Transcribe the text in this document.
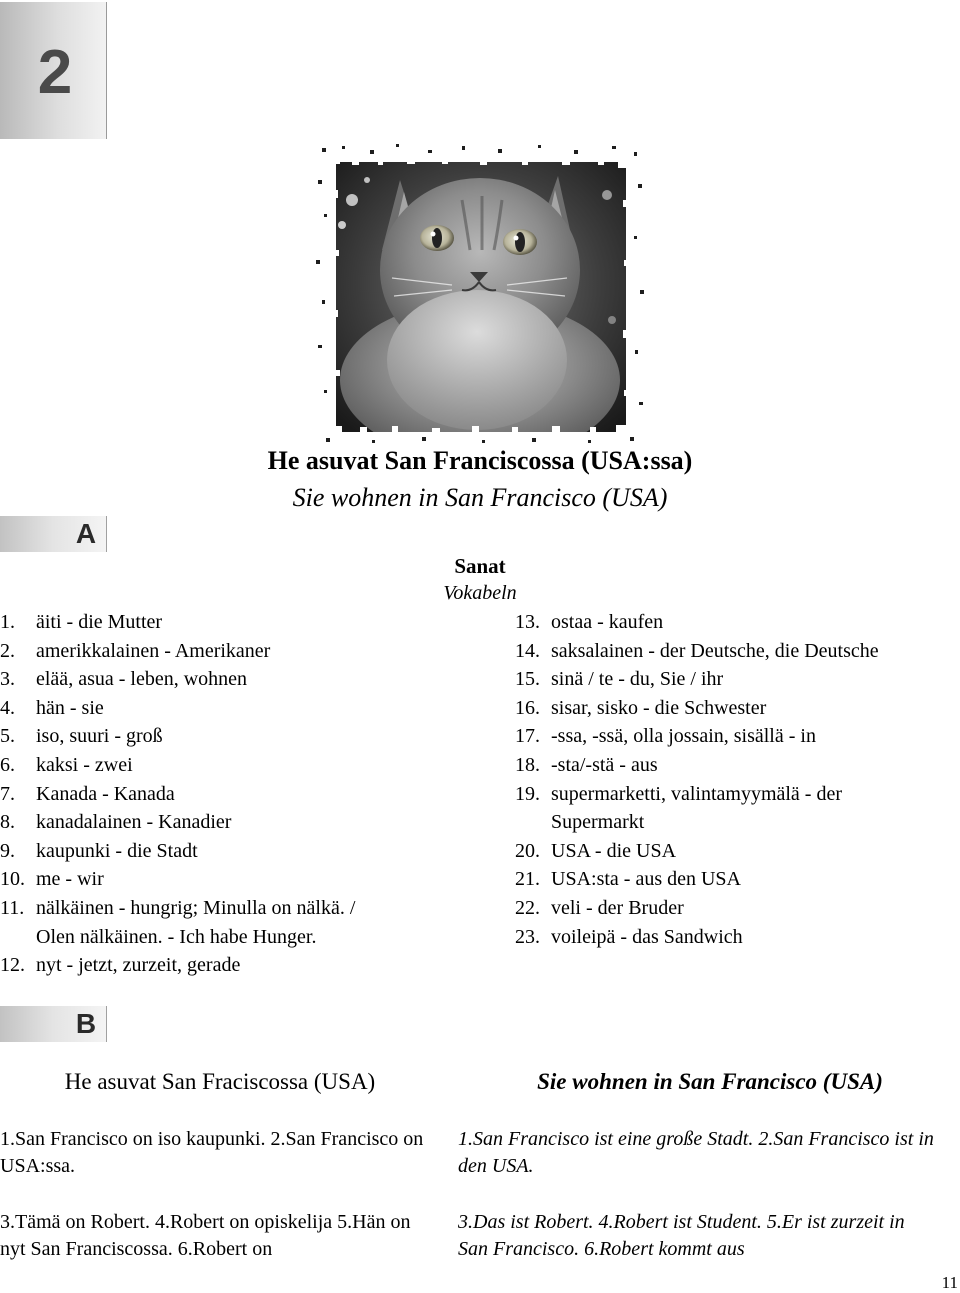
2
He asuvat San Franciscossa (USA:ssa)
Sie wohnen in San Francisco (USA)
A
Sanat
Vokabeln
1. äiti - die Mutter
2. amerikkalainen - Amerikaner
3. elää, asua - leben, wohnen
4. hän - sie
5. iso, suuri - groß
6. kaksi - zwei
7. Kanada - Kanada
8. kanadalainen - Kanadier
9. kaupunki - die Stadt
10. me - wir
11. nälkäinen - hungrig; Minulla on nälkä. /
Olen nälkäinen. - Ich habe Hunger.
12. nyt - jetzt, zurzeit, gerade
13. ostaa - kaufen
14. saksalainen - der Deutsche, die Deutsche
15. sinä / te - du, Sie / ihr
16. sisar, sisko - die Schwester
17. -ssa, -ssä, olla jossain, sisällä - in
18. -sta/-stä - aus
19. supermarketti, valintamyymälä - der
Supermarkt
20. USA - die USA
21. USA:sta - aus den USA
22. veli - der Bruder
23. voileipä - das Sandwich
B
He asuvat San Fraciscossa (USA)	Sie wohnen in San Francisco (USA)

1.San Francisco on iso kaupunki. 2.San Francisco on USA:ssa.

3.Tämä on Robert. 4.Robert on opiskelija 5.Hän on nyt San Franciscossa. 6.Robert on

1.San Francisco ist eine große Stadt. 2.San Francisco ist in den USA.

3.Das ist Robert. 4.Robert ist Student. 5.Er ist zurzeit in San Francisco. 6.Robert kommt aus

11
